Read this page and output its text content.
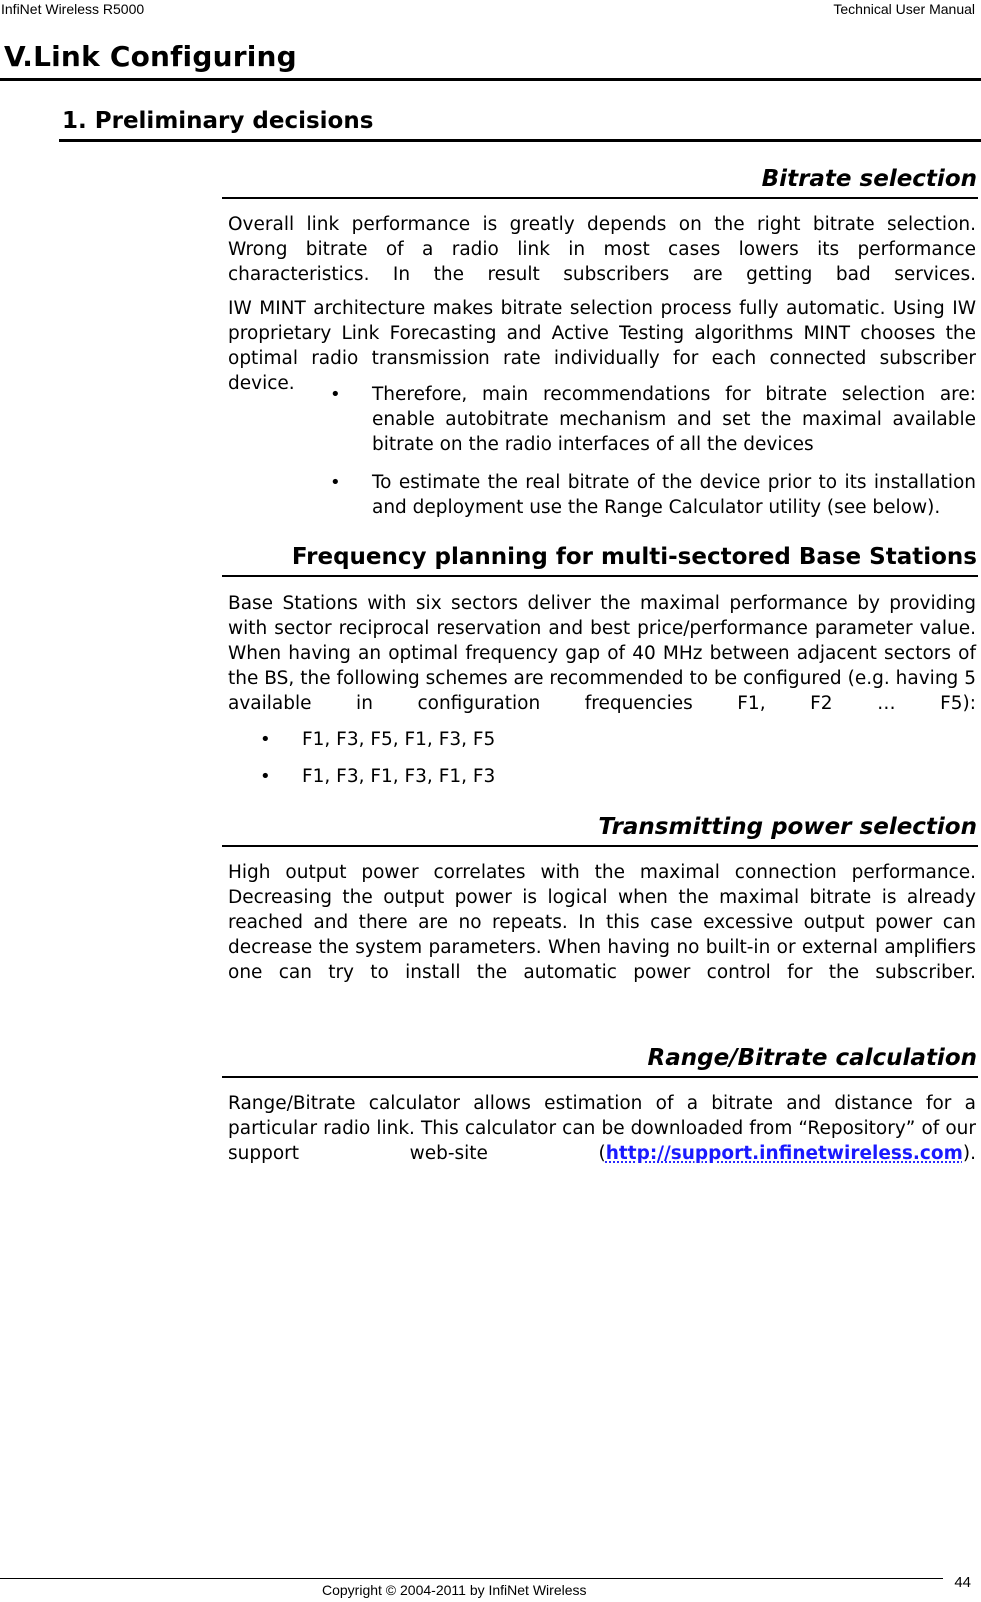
InfiNet Wireless R5000	Technical User Manual
V.Link Configuring
1. Preliminary decisions
Bitrate selection

Overall link performance is greatly depends on the right bitrate selection. Wrong bitrate of a radio link in most cases lowers its performance characteristics. In the result subscribers are getting bad services.

IW MINT architecture makes bitrate selection process fully automatic. Using IW proprietary Link Forecasting and Active Testing algorithms MINT chooses the optimal radio transmission rate individually for each connected subscriber device.

• Therefore, main recommendations for bitrate selection are: enable autobitrate mechanism and set the maximal available bitrate on the radio interfaces of all the devices
• To estimate the real bitrate of the device prior to its installation and deployment use the Range Calculator utility (see below).
Frequency planning for multi-sectored Base Stations

Base Stations with six sectors deliver the maximal performance by providing with sector reciprocal reservation and best price/performance parameter value. When having an optimal frequency gap of 40 MHz between adjacent sectors of the BS, the following schemes are recommended to be configured (e.g. having 5 available in configuration frequencies F1, F2 … F5):

• F1, F3, F5, F1, F3, F5
• F1, F3, F1, F3, F1, F3
Transmitting power selection

High output power correlates with the maximal connection performance. Decreasing the output power is logical when the maximal bitrate is already reached and there are no repeats. In this case excessive output power can decrease the system parameters. When having no built-in or external amplifiers one can try to install the automatic power control for the subscriber.

Range/Bitrate calculation

Range/Bitrate calculator allows estimation of a bitrate and distance for a particular radio link. This calculator can be downloaded from “Repository” of our support web-site (http://support.infinetwireless.com).

Copyright © 2004-2011 by InfiNet Wireless	44
